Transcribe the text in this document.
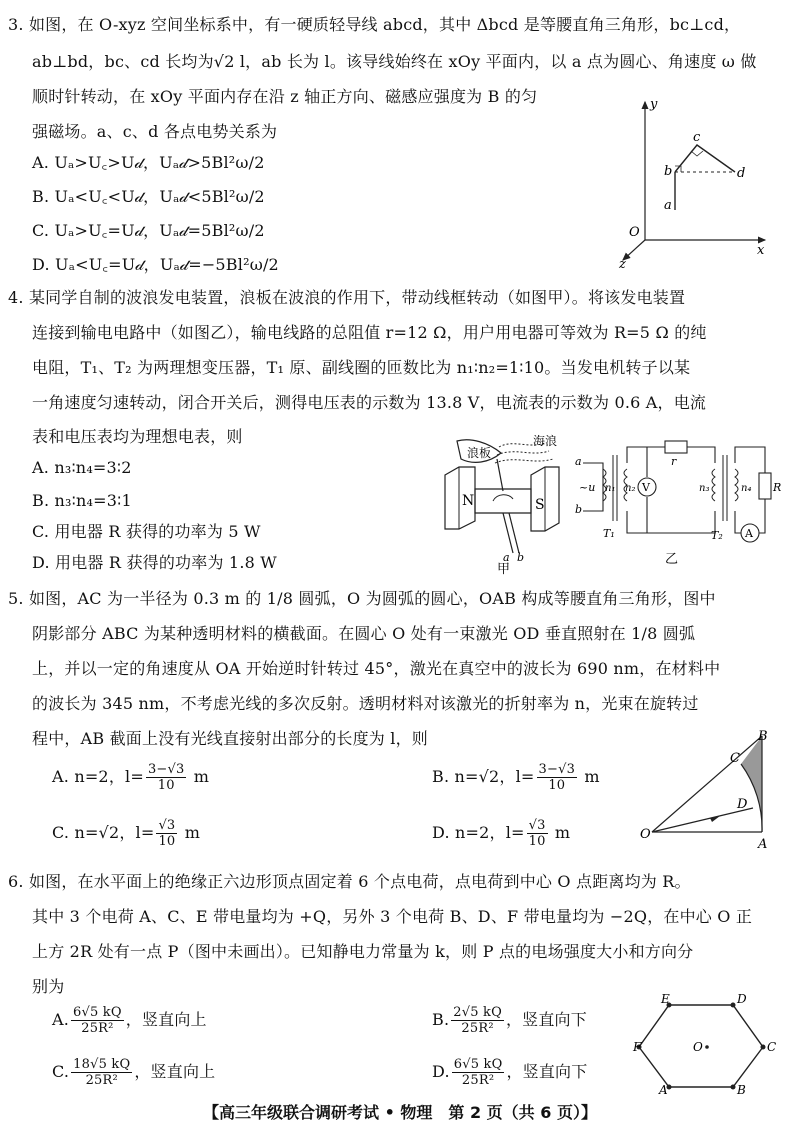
3. 如图，在 O-xyz 空间坐标系中，有一硬质轻导线 abcd，其中 Δbcd 是等腰直角三角形，bc⊥cd，
ab⊥bd，bc、cd 长均为√2 l，ab 长为 l。该导线始终在 xOy 平面内，以 a 点为圆心、角速度 ω 做
顺时针转动，在 xOy 平面内存在沿 z 轴正方向、磁感应强度为 B 的匀
强磁场。a、c、d 各点电势关系为
A. Uₐ>U꜀>U𝒹，Uₐ𝒹>5Bl²ω/2
B. Uₐ<U꜀<U𝒹，Uₐ𝒹<5Bl²ω/2
C. Uₐ>U꜀=U𝒹，Uₐ𝒹=5Bl²ω/2
D. Uₐ<U꜀=U𝒹，Uₐ𝒹=−5Bl²ω/2
y
x
z
O
a
b
c
d
4. 某同学自制的波浪发电装置，浪板在波浪的作用下，带动线框转动（如图甲）。将该发电装置
连接到输电电路中（如图乙），输电线路的总阻值 r=12 Ω，用户用电器可等效为 R=5 Ω 的纯
电阻，T₁、T₂ 为两理想变压器，T₁ 原、副线圈的匝数比为 n₁∶n₂=1∶10。当发电机转子以某
一角速度匀速转动，闭合开关后，测得电压表的示数为 13.8 V，电流表的示数为 0.6 A，电流
表和电压表均为理想电表，则
A. n₃∶n₄=3∶2
B. n₃∶n₄=3∶1
C. 用电器 R 获得的功率为 5 W
D. 用电器 R 获得的功率为 1.8 W
浪板
海浪
N	S
a b
甲
a
b
~u n₁ n₂
T₁
r
V	n₃	n₄
T₂
R
A
乙
5. 如图，AC 为一半径为 0.3 m 的 1/8 圆弧，O 为圆弧的圆心，OAB 构成等腰直角三角形，图中
阴影部分 ABC 为某种透明材料的横截面。在圆心 O 处有一束激光 OD 垂直照射在 1/8 圆弧
上，并以一定的角速度从 OA 开始逆时针转过 45°，激光在真空中的波长为 690 nm，在材料中
的波长为 345 nm，不考虑光线的多次反射。透明材料对该激光的折射率为 n，光束在旋转过
程中，AB 截面上没有光线直接射出部分的长度为 l，则
A. n=2，$l= \frac{3-√3}{10}$ m	B. n=√2，$l= \frac{3-√3}{10}$ m
C. n=√2，$l= \frac{√3}{10}$ m	D. n=2，$l= \frac{√3}{10}$ m	O
A
B
C
D
6. 如图，在水平面上的绝缘正六边形顶点固定着 6 个点电荷，点电荷到中心 O 点距离均为 R。
其中 3 个电荷 A、C、E 带电量均为 +Q，另外 3 个电荷 B、D、F 带电量均为 −2Q，在中心 O 正
上方 2R 处有一点 P（图中未画出）。已知静电力常量为 k，则 P 点的电场强度大小和方向分
别为
A. $\frac{6√5 kQ}{\text{25R²}}$ ，竖直向上	B. $\frac{2√5 kQ}{\text{25R²}}$ ，竖直向下
C. $\frac{18√5 kQ}{\text{25R²}}$ ，竖直向上	D. $\frac{6√5 kQ}{\text{25R²}}$ ，竖直向下
E	D
C
B
A
F	O
【高三年级联合调研考试 • 物理　第 2 页（共 6 页）】
